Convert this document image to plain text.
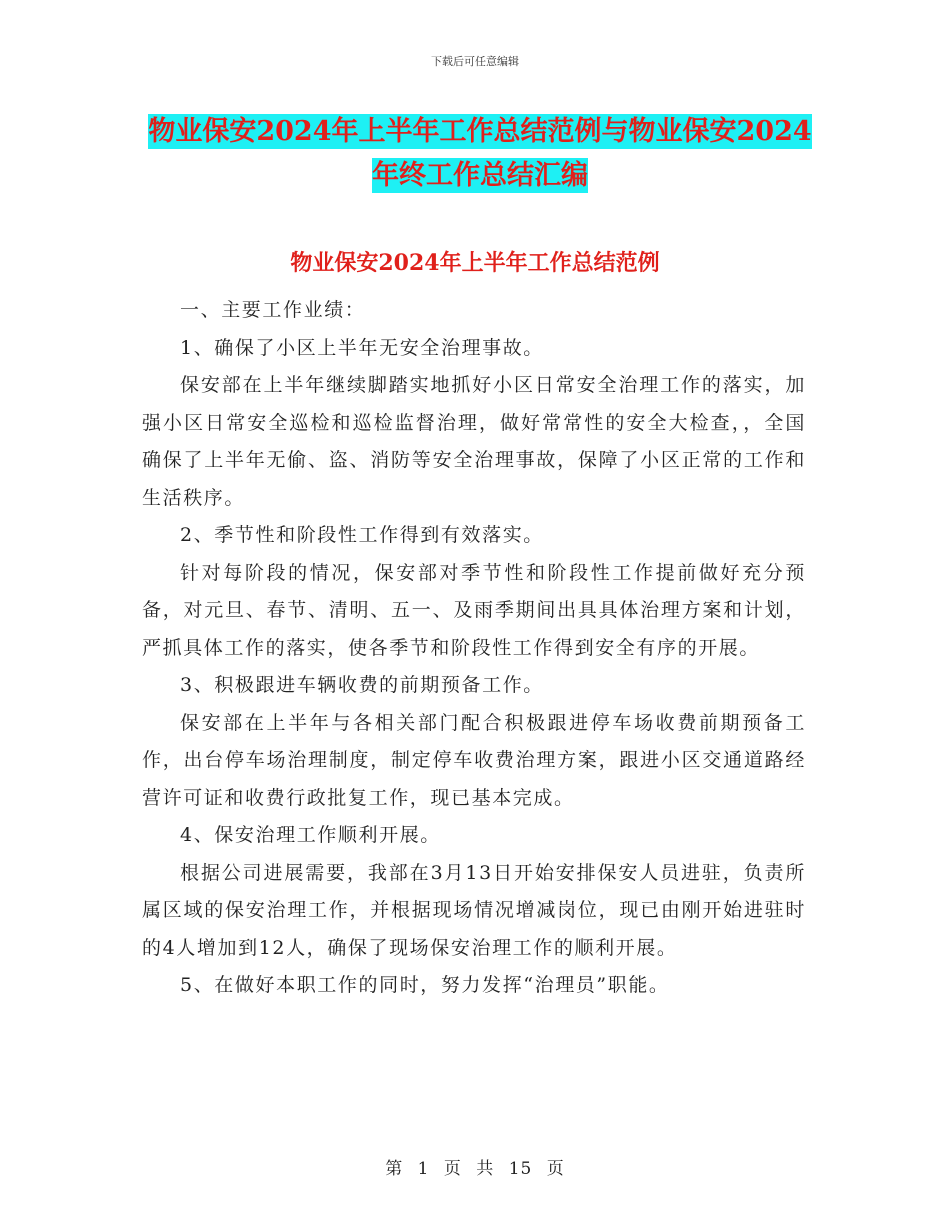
下载后可任意编辑
物业保安2024年上半年工作总结范例与物业保安2024
年终工作总结汇编
物业保安2024年上半年工作总结范例

一、主要工作业绩：

1、确保了小区上半年无安全治理事故。

保安部在上半年继续脚踏实地抓好小区日常安全治理工作的落实，加强小区日常安全巡检和巡检监督治理，做好常常性的安全大检查，，全国确保了上半年无偷、盗、消防等安全治理事故，保障了小区正常的工作和生活秩序。

2、季节性和阶段性工作得到有效落实。

针对每阶段的情况，保安部对季节性和阶段性工作提前做好充分预备，对元旦、春节、清明、五一、及雨季期间出具具体治理方案和计划，严抓具体工作的落实，使各季节和阶段性工作得到安全有序的开展。

3、积极跟进车辆收费的前期预备工作。

保安部在上半年与各相关部门配合积极跟进停车场收费前期预备工作，出台停车场治理制度，制定停车收费治理方案，跟进小区交通道路经营许可证和收费行政批复工作，现已基本完成。

4、保安治理工作顺利开展。

根据公司进展需要，我部在3月13日开始安排保安人员进驻，负责所属区域的保安治理工作，并根据现场情况增减岗位，现已由刚开始进驻时的4人增加到12人，确保了现场保安治理工作的顺利开展。

5、在做好本职工作的同时，努力发挥“治理员”职能。

第 1 页 共 15 页
